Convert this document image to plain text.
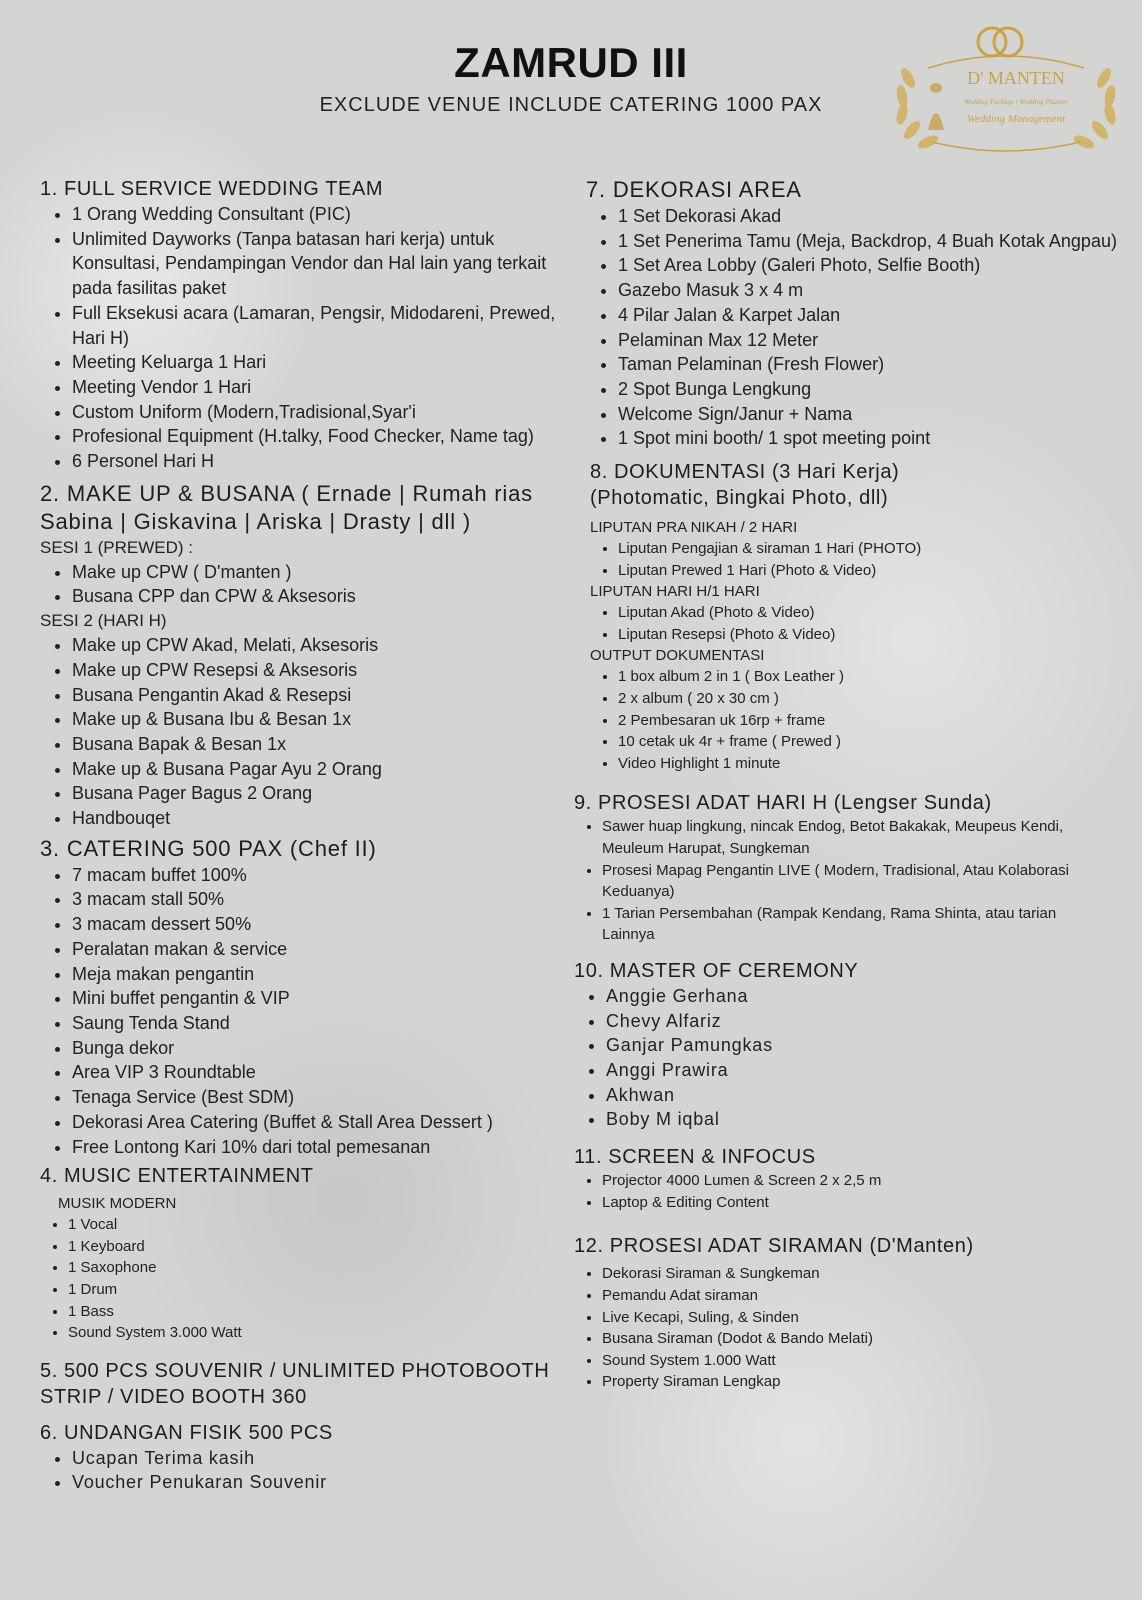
ZAMRUD III
EXCLUDE VENUE INCLUDE CATERING 1000 PAX
D' MANTEN
Wedding Package | Wedding Planner
Wedding Management
1. FULL SERVICE WEDDING TEAM
• 1 Orang Wedding Consultant (PIC)
• Unlimited Dayworks (Tanpa batasan hari kerja) untuk Konsultasi, Pendampingan Vendor dan Hal lain yang terkait pada fasilitas paket
• Full Eksekusi acara (Lamaran, Pengsir, Midodareni, Prewed, Hari H)
• Meeting Keluarga 1 Hari
• Meeting Vendor 1 Hari
• Custom Uniform (Modern,Tradisional,Syar'i
• Profesional Equipment (H.talky, Food Checker, Name tag)
• 6 Personel Hari H
2. MAKE UP & BUSANA ( Ernade | Rumah rias Sabina | Giskavina | Ariska | Drasty | dll )
SESI 1 (PREWED) :
• Make up CPW ( D'manten )
• Busana CPP dan CPW & Aksesoris
SESI 2 (HARI H)
• Make up CPW Akad, Melati, Aksesoris
• Make up CPW Resepsi & Aksesoris
• Busana Pengantin Akad & Resepsi
• Make up & Busana Ibu & Besan 1x
• Busana Bapak & Besan 1x
• Make up & Busana Pagar Ayu 2 Orang
• Busana Pager Bagus 2 Orang
• Handbouqet
3. CATERING 500 PAX (Chef II)
• 7 macam buffet 100%
• 3 macam stall 50%
• 3 macam dessert 50%
• Peralatan makan & service
• Meja makan pengantin
• Mini buffet pengantin & VIP
• Saung Tenda Stand
• Bunga dekor
• Area VIP 3 Roundtable
• Tenaga Service (Best SDM)
• Dekorasi Area Catering (Buffet & Stall Area Dessert )
• Free Lontong Kari 10% dari total pemesanan
4. MUSIC ENTERTAINMENT
MUSIK MODERN
• 1 Vocal
• 1 Keyboard
• 1 Saxophone
• 1 Drum
• 1 Bass
• Sound System 3.000 Watt
5. 500 PCS SOUVENIR / UNLIMITED PHOTOBOOTH STRIP / VIDEO BOOTH 360
6. UNDANGAN FISIK 500 PCS
• Ucapan Terima kasih
• Voucher Penukaran Souvenir
7. DEKORASI AREA
• 1 Set Dekorasi Akad
• 1 Set Penerima Tamu (Meja, Backdrop, 4 Buah Kotak Angpau)
• 1 Set Area Lobby (Galeri Photo, Selfie Booth)
• Gazebo Masuk 3 x 4 m
• 4 Pilar Jalan & Karpet Jalan
• Pelaminan Max 12 Meter
• Taman Pelaminan (Fresh Flower)
• 2 Spot Bunga Lengkung
• Welcome Sign/Janur + Nama
• 1 Spot mini booth/ 1 spot meeting point
8. DOKUMENTASI (3 Hari Kerja) (Photomatic, Bingkai Photo, dll)
LIPUTAN PRA NIKAH / 2 HARI
• Liputan Pengajian & siraman 1 Hari (PHOTO)
• Liputan Prewed 1 Hari (Photo & Video)
LIPUTAN HARI H/1 HARI
• Liputan Akad (Photo & Video)
• Liputan Resepsi (Photo & Video)
OUTPUT DOKUMENTASI
• 1 box album 2 in 1 ( Box Leather )
• 2 x album ( 20 x 30 cm )
• 2 Pembesaran uk 16rp + frame
• 10 cetak uk 4r + frame ( Prewed )
• Video Highlight 1 minute
9. PROSESI ADAT HARI H (Lengser Sunda)
• Sawer huap lingkung, nincak Endog, Betot Bakakak, Meupeus Kendi, Meuleum Harupat, Sungkeman
• Prosesi Mapag Pengantin LIVE ( Modern, Tradisional, Atau Kolaborasi Keduanya)
• 1 Tarian Persembahan (Rampak Kendang, Rama Shinta, atau tarian Lainnya
10. MASTER OF CEREMONY
• Anggie Gerhana
• Chevy Alfariz
• Ganjar Pamungkas
• Anggi Prawira
• Akhwan
• Boby M iqbal
11. SCREEN & INFOCUS
• Projector 4000 Lumen & Screen 2 x 2,5 m
• Laptop & Editing Content
12. PROSESI ADAT SIRAMAN (D'Manten)
• Dekorasi Siraman & Sungkeman
• Pemandu Adat siraman
• Live Kecapi, Suling, & Sinden
• Busana Siraman (Dodot & Bando Melati)
• Sound System 1.000 Watt
• Property Siraman Lengkap
